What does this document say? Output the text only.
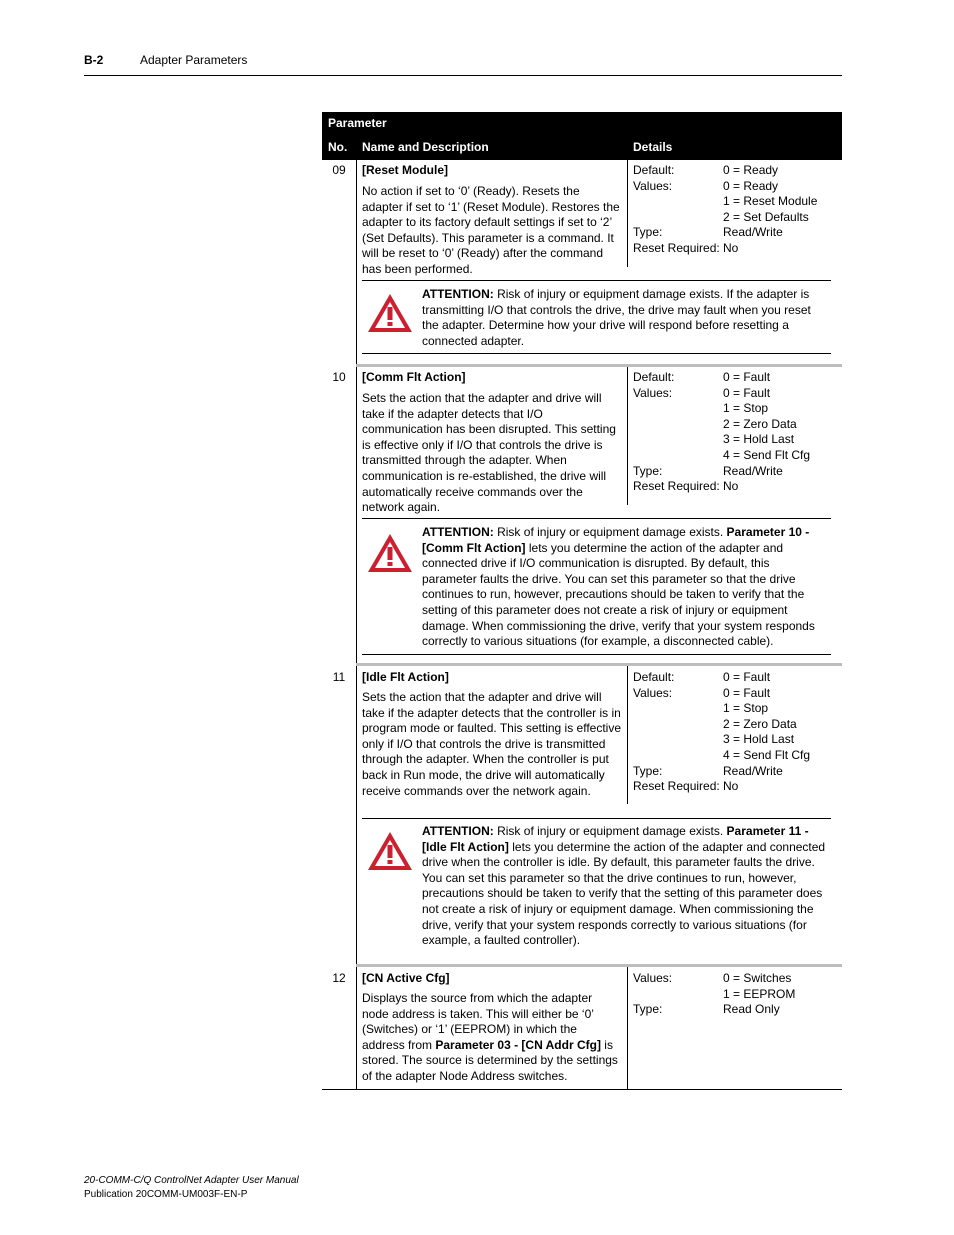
B-2	Adapter Parameters
Parameter
No. Name and Description	Details
09	[Reset Module]
No action if set to ‘0’ (Ready). Resets the adapter if set to ‘1’ (Reset Module). Restores the adapter to its factory default settings if set to ‘2’ (Set Defaults). This parameter is a command. It will be reset to ‘0’ (Ready) after the command has been performed.
Default:	0 = Ready
Values:	0 = Ready
1 = Reset Module
2 = Set Defaults
Type:	Read/Write
Reset Required: No
ATTENTION: Risk of injury or equipment damage exists. If the adapter is transmitting I/O that controls the drive, the drive may fault when you reset the adapter. Determine how your drive will respond before resetting a connected adapter.
10	[Comm Flt Action]
Sets the action that the adapter and drive will take if the adapter detects that I/O communication has been disrupted. This setting is effective only if I/O that controls the drive is transmitted through the adapter. When communication is re-established, the drive will automatically receive commands over the network again.
Default:	0 = Fault
Values:	0 = Fault
1 = Stop
2 = Zero Data
3 = Hold Last
4 = Send Flt Cfg
Type:	Read/Write
Reset Required: No
ATTENTION: Risk of injury or equipment damage exists. Parameter 10 - [Comm Flt Action] lets you determine the action of the adapter and connected drive if I/O communication is disrupted. By default, this parameter faults the drive. You can set this parameter so that the drive continues to run, however, precautions should be taken to verify that the setting of this parameter does not create a risk of injury or equipment damage. When commissioning the drive, verify that your system responds correctly to various situations (for example, a disconnected cable).
11	[Idle Flt Action]
Sets the action that the adapter and drive will take if the adapter detects that the controller is in program mode or faulted. This setting is effective only if I/O that controls the drive is transmitted through the adapter. When the controller is put back in Run mode, the drive will automatically receive commands over the network again.
Default:	0 = Fault
Values:	0 = Fault
1 = Stop
2 = Zero Data
3 = Hold Last
4 = Send Flt Cfg
Type:	Read/Write
Reset Required: No
ATTENTION: Risk of injury or equipment damage exists. Parameter 11 - [Idle Flt Action] lets you determine the action of the adapter and connected drive when the controller is idle. By default, this parameter faults the drive. You can set this parameter so that the drive continues to run, however, precautions should be taken to verify that the setting of this parameter does not create a risk of injury or equipment damage. When commissioning the drive, verify that your system responds correctly to various situations (for example, a faulted controller).
12	[CN Active Cfg]
Displays the source from which the adapter node address is taken. This will either be ‘0’ (Switches) or ‘1’ (EEPROM) in which the address from Parameter 03 - [CN Addr Cfg] is stored. The source is determined by the settings of the adapter Node Address switches.
Values:	0 = Switches
1 = EEPROM
Type:	Read Only
20-COMM-C/Q ControlNet Adapter User Manual
Publication 20COMM-UM003F-EN-P
